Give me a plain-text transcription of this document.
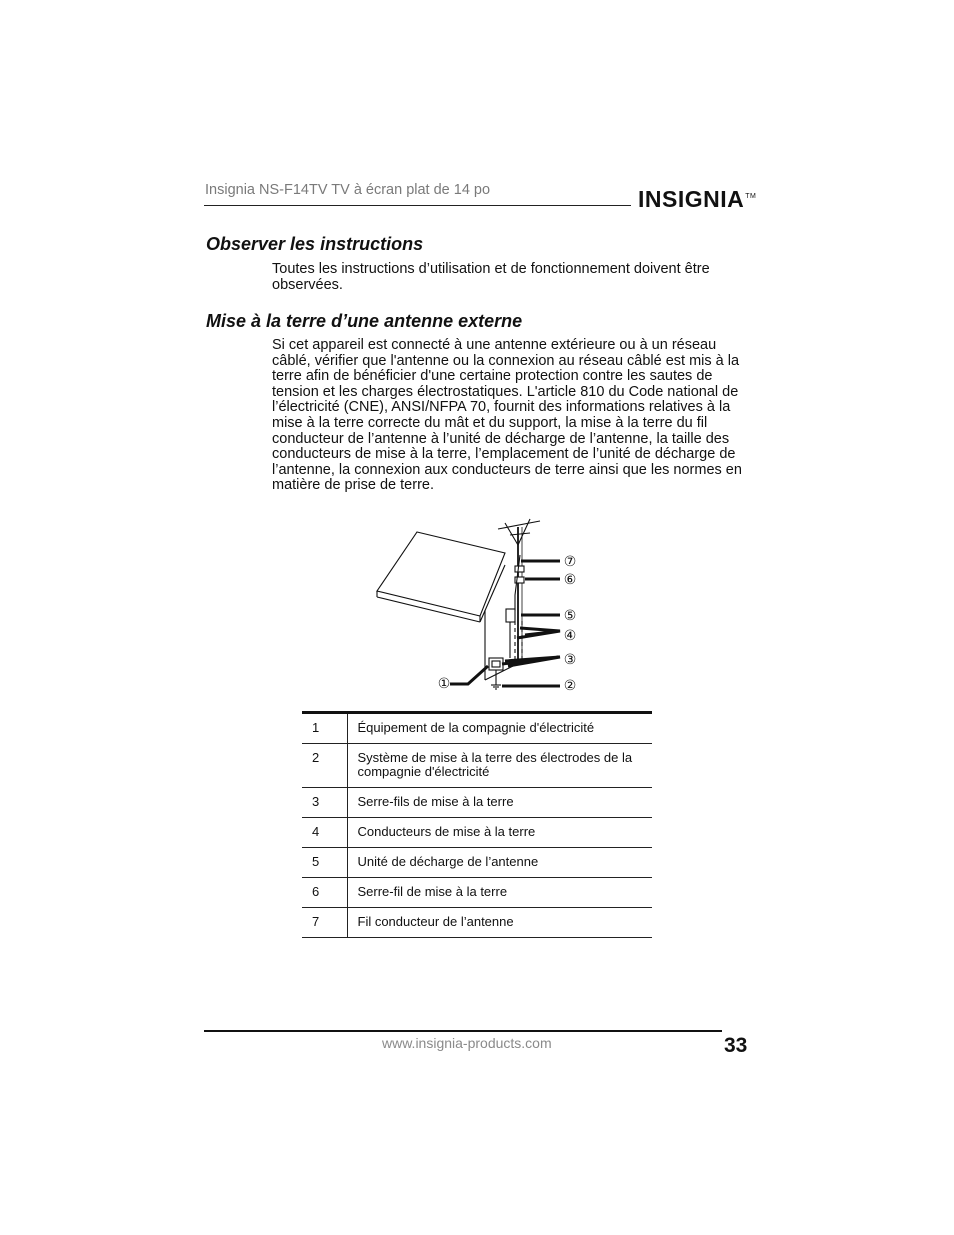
Insignia NS-F14TV TV à écran plat de 14 po	INSIGNIA™
Observer les instructions

Toutes les instructions d’utilisation et de fonctionnement doivent être observées.

Mise à la terre d’une antenne externe

Si cet appareil est connecté à une antenne extérieure ou à un réseau câblé, vérifier que l'antenne ou la connexion au réseau câblé est mis à la terre afin de bénéficier d'une certaine protection contre les sautes de tension et les charges électrostatiques. L'article 810 du Code national de l’électricité (CNE), ANSI/NFPA 70, fournit des informations relatives à la mise à la terre correcte du mât et du support, la mise à la terre du fil conducteur de l’antenne à l’unité de décharge de l’antenne, la taille des conducteurs de mise à la terre, l’emplacement de l’unité de décharge de l’antenne, la connexion aux conducteurs de terre ainsi que les normes en matière de prise de terre.

⑦
⑥
⑤
④
③
②
①
1	Équipement de la compagnie d'électricité
2	Système de mise à la terre des électrodes de la compagnie d'électricité
3	Serre-fils de mise à la terre
4	Conducteurs de mise à la terre
5	Unité de décharge de l’antenne
6	Serre-fil de mise à la terre
7	Fil conducteur de l’antenne
www.insignia-products.com	33
